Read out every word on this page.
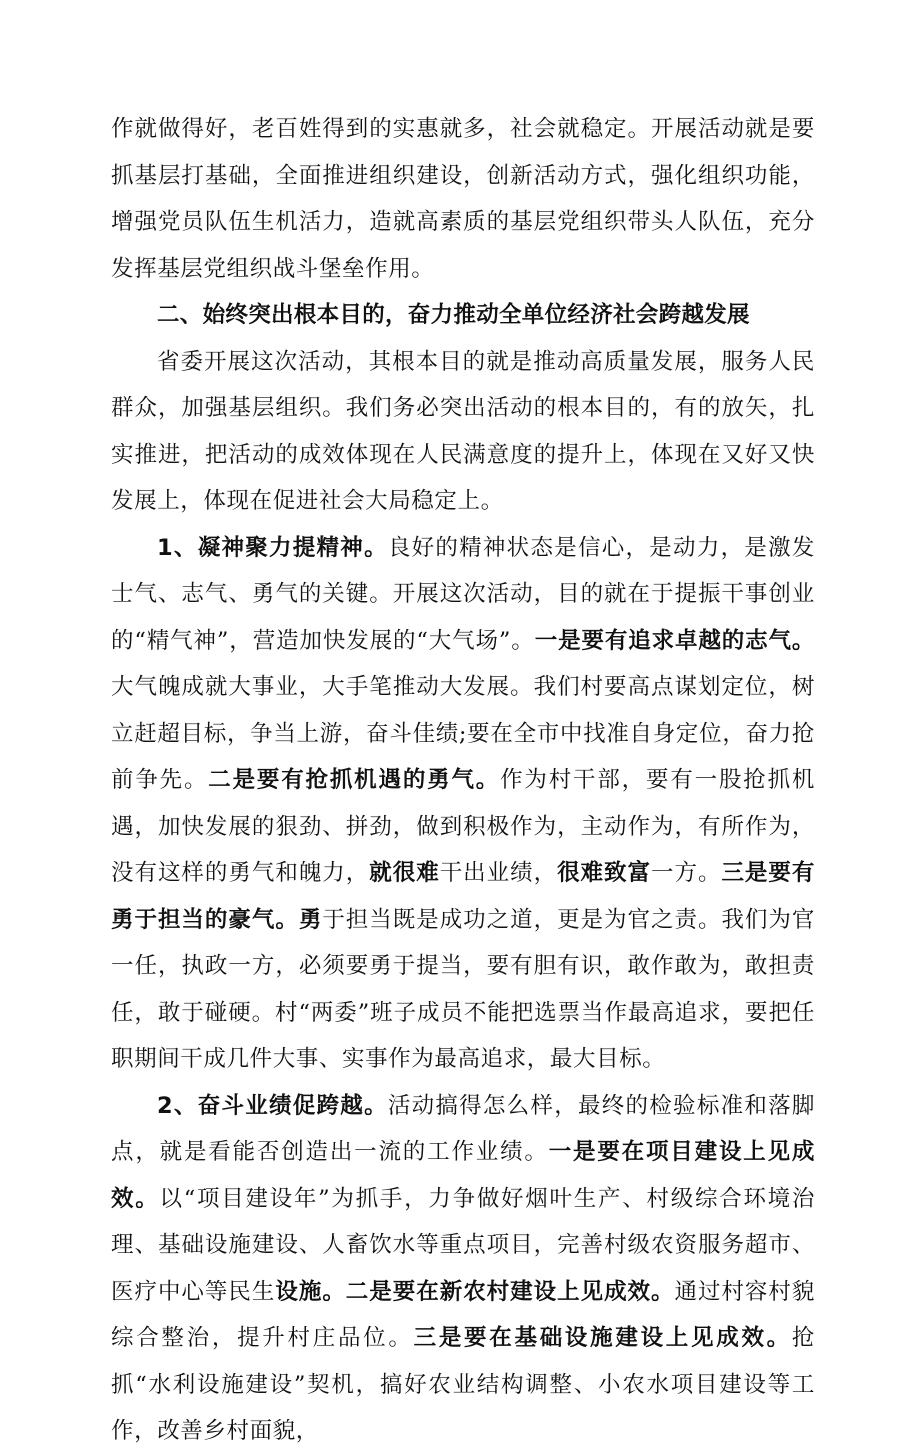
作就做得好，老百姓得到的实惠就多，社会就稳定。开展活动就是要抓基层打基础，全面推进组织建设，创新活动方式，强化组织功能，增强党员队伍生机活力，造就高素质的基层党组织带头人队伍，充分发挥基层党组织战斗堡垒作用。

二、始终突出根本目的，奋力推动全单位经济社会跨越发展

省委开展这次活动，其根本目的就是推动高质量发展，服务人民群众，加强基层组织。我们务必突出活动的根本目的，有的放矢，扎实推进，把活动的成效体现在人民满意度的提升上，体现在又好又快发展上，体现在促进社会大局稳定上。

1、凝神聚力提精神。良好的精神状态是信心，是动力，是激发士气、志气、勇气的关键。开展这次活动，目的就在于提振干事创业的“精气神”，营造加快发展的“大气场”。一是要有追求卓越的志气。大气魄成就大事业，大手笔推动大发展。我们村要高点谋划定位，树立赶超目标，争当上游，奋斗佳绩;要在全市中找准自身定位，奋力抢前争先。二是要有抢抓机遇的勇气。作为村干部，要有一股抢抓机遇，加快发展的狠劲、拼劲，做到积极作为，主动作为，有所作为，没有这样的勇气和魄力，就很难干出业绩，很难致富一方。三是要有勇于担当的豪气。勇于担当既是成功之道，更是为官之责。我们为官一任，执政一方，必须要勇于提当，要有胆有识，敢作敢为，敢担责任，敢于碰硬。村“两委”班子成员不能把选票当作最高追求，要把任职期间干成几件大事、实事作为最高追求，最大目标。

2、奋斗业绩促跨越。活动搞得怎么样，最终的检验标准和落脚点，就是看能否创造出一流的工作业绩。一是要在项目建设上见成效。以“项目建设年”为抓手，力争做好烟叶生产、村级综合环境治理、基础设施建设、人畜饮水等重点项目，完善村级农资服务超市、医疗中心等民生设施。二是要在新农村建设上见成效。通过村容村貌综合整治，提升村庄品位。三是要在基础设施建设上见成效。抢抓“水利设施建设”契机，搞好农业结构调整、小农水项目建设等工作，改善乡村面貌，
